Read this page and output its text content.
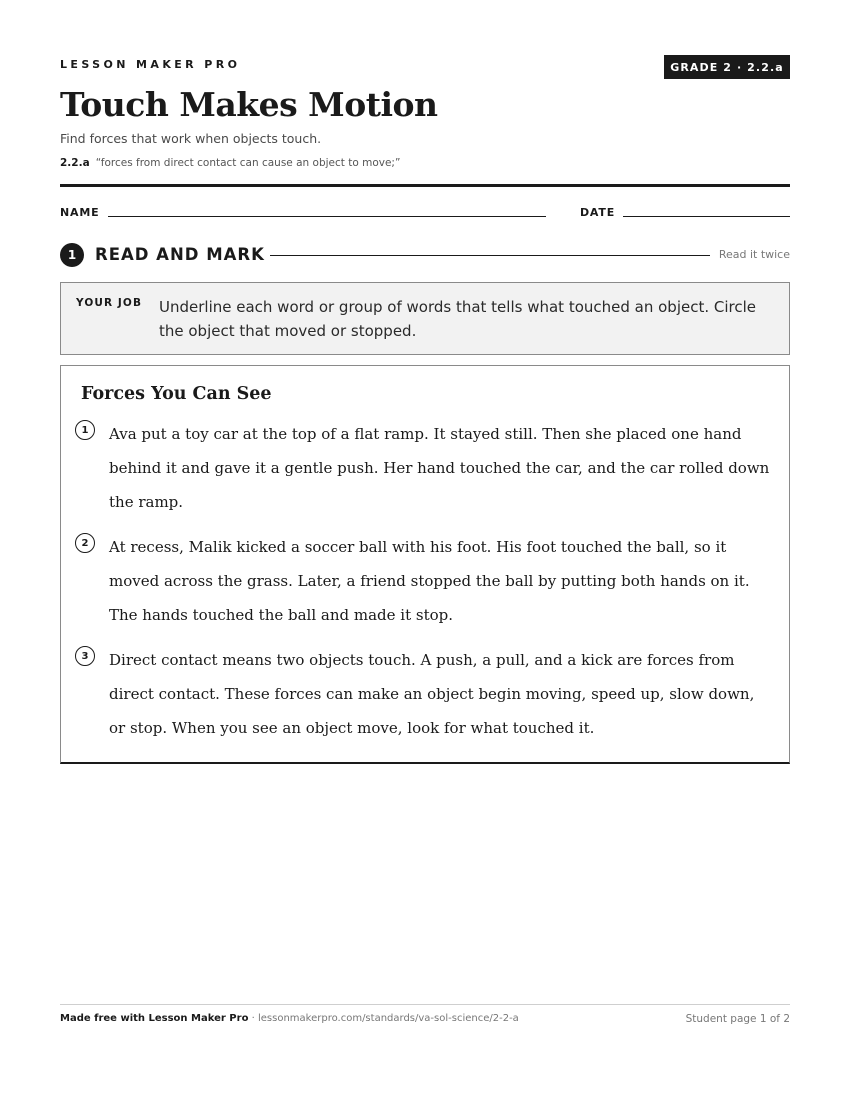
LESSON MAKER PRO	GRADE 2 · 2.2.a
Touch Makes Motion
Find forces that work when objects touch.
2.2.a “forces from direct contact can cause an object to move;”
NAME	DATE
1	READ AND MARK	Read it twice
YOUR JOB Underline each word or group of words that tells what touched an object. Circle the object that moved or stopped.
Forces You Can See
1	Ava put a toy car at the top of a flat ramp. It stayed still. Then she placed one hand behind it and gave it a gentle push. Her hand touched the car, and the car rolled down the ramp.
2	At recess, Malik kicked a soccer ball with his foot. His foot touched the ball, so it moved across the grass. Later, a friend stopped the ball by putting both hands on it. The hands touched the ball and made it stop.
3	Direct contact means two objects touch. A push, a pull, and a kick are forces from direct contact. These forces can make an object begin moving, speed up, slow down, or stop. When you see an object move, look for what touched it.
Made free with Lesson Maker Pro · lessonmakerpro.com/standards/va-sol-science/2-2-a	Student page 1 of 2
